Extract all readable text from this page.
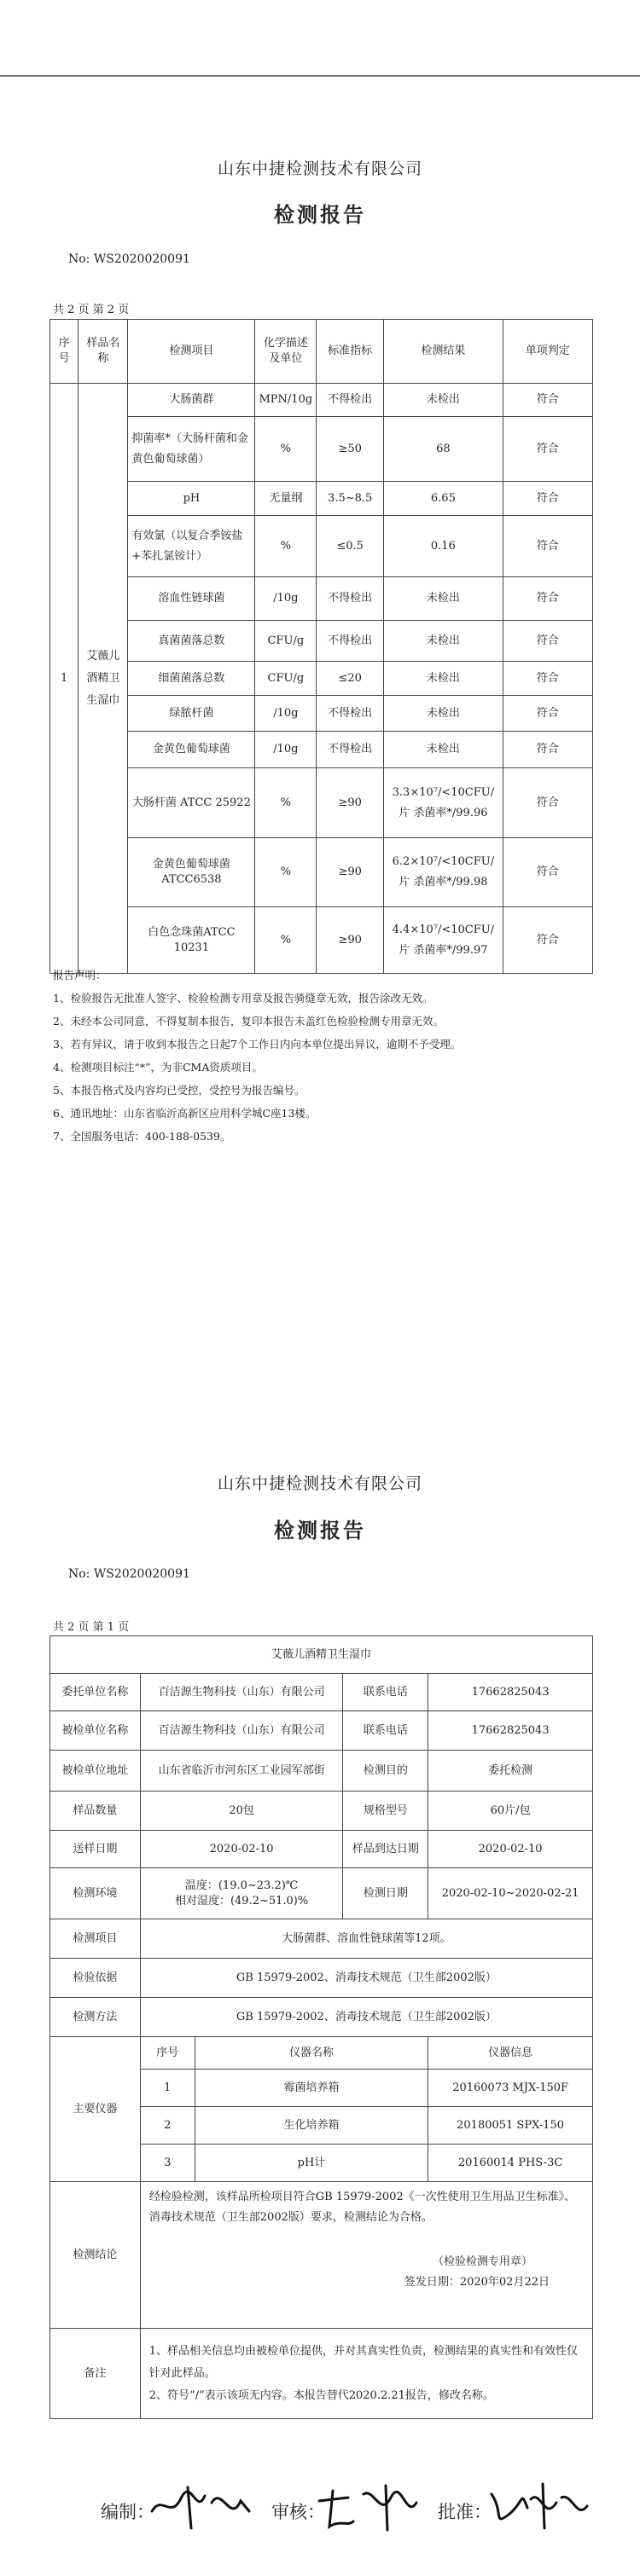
山东中捷检测技术有限公司
检测报告
No: WS2020020091
共 2 页 第 2 页
序号	样品名称	检测项目	化学描述及单位	标准指标	检测结果	单项判定
1	艾薇儿酒精卫生湿巾	大肠菌群	MPN/10g	不得检出	未检出	符合
		抑菌率*（大肠杆菌和金黄色葡萄球菌）	%	≥50	68	符合
		pH	无量纲	3.5~8.5	6.65	符合
		有效氯（以复合季铵盐+苯扎氯铵计）	%	≤0.5	0.16	符合
		溶血性链球菌	/10g	不得检出	未检出	符合
		真菌菌落总数	CFU/g	不得检出	未检出	符合
		细菌菌落总数	CFU/g	≤20	未检出	符合
		绿脓杆菌	/10g	不得检出	未检出	符合
		金黄色葡萄球菌	/10g	不得检出	未检出	符合
		大肠杆菌 ATCC 25922	%	≥90	3.3×10⁷/<10CFU/片 杀菌率*/99.96	符合
		金黄色葡萄球菌ATCC6538	%	≥90	6.2×10⁷/<10CFU/片 杀菌率*/99.98	符合
		白色念珠菌ATCC 10231	%	≥90	4.4×10⁷/<10CFU/片 杀菌率*/99.97	符合
报告声明：
1、检验报告无批准人签字、检验检测专用章及报告骑缝章无效，报告涂改无效。
2、未经本公司同意，不得复制本报告，复印本报告未盖红色检验检测专用章无效。
3、若有异议，请于收到本报告之日起7个工作日内向本单位提出异议，逾期不予受理。
4、检测项目标注“*”，为非CMA资质项目。
5、本报告格式及内容均已受控，受控号为报告编号。
6、通讯地址：山东省临沂高新区应用科学城C座13楼。
7、全国服务电话：400-188-0539。
山东中捷检测技术有限公司
检测报告
No: WS2020020091
共 2 页 第 1 页
艾薇儿酒精卫生湿巾				
委托单位名称	百洁源生物科技（山东）有限公司		联系电话	17662825043
被检单位名称	百洁源生物科技（山东）有限公司		联系电话	17662825043
被检单位地址	山东省临沂市河东区工业园军部街		检测目的	委托检测
样品数量	20包		规格型号	60片/包
送样日期	2020-02-10		样品到达日期	2020-02-10
检测环境	温度：(19.0~23.2)℃
相对湿度：(49.2~51.0)%		检测日期	2020-02-10~2020-02-21
检测项目	大肠菌群、溶血性链球菌等12项。			
检验依据	GB 15979-2002、消毒技术规范（卫生部2002版）			
检测方法	GB 15979-2002、消毒技术规范（卫生部2002版）			
主要仪器	序号	仪器名称		仪器信息
	1	霉菌培养箱		20160073 MJX-150F
	2	生化培养箱		20180051 SPX-150
	3	pH计		20160014 PHS-3C
检测结论	经检验检测，该样品所检项目符合GB 15979-2002《一次性使用卫生用品卫生标准》、消毒技术规范（卫生部2002版）要求，检测结论为合格。
（检验检测专用章）
签发日期：2020年02月22日			

备注	1、样品相关信息均由被检单位提供，并对其真实性负责，检测结果的真实性和有效性仅针对此样品。
2、符号“/”表示该项无内容。本报告替代2020.2.21报告，修改名称。			
编制：	审核：	批准：
